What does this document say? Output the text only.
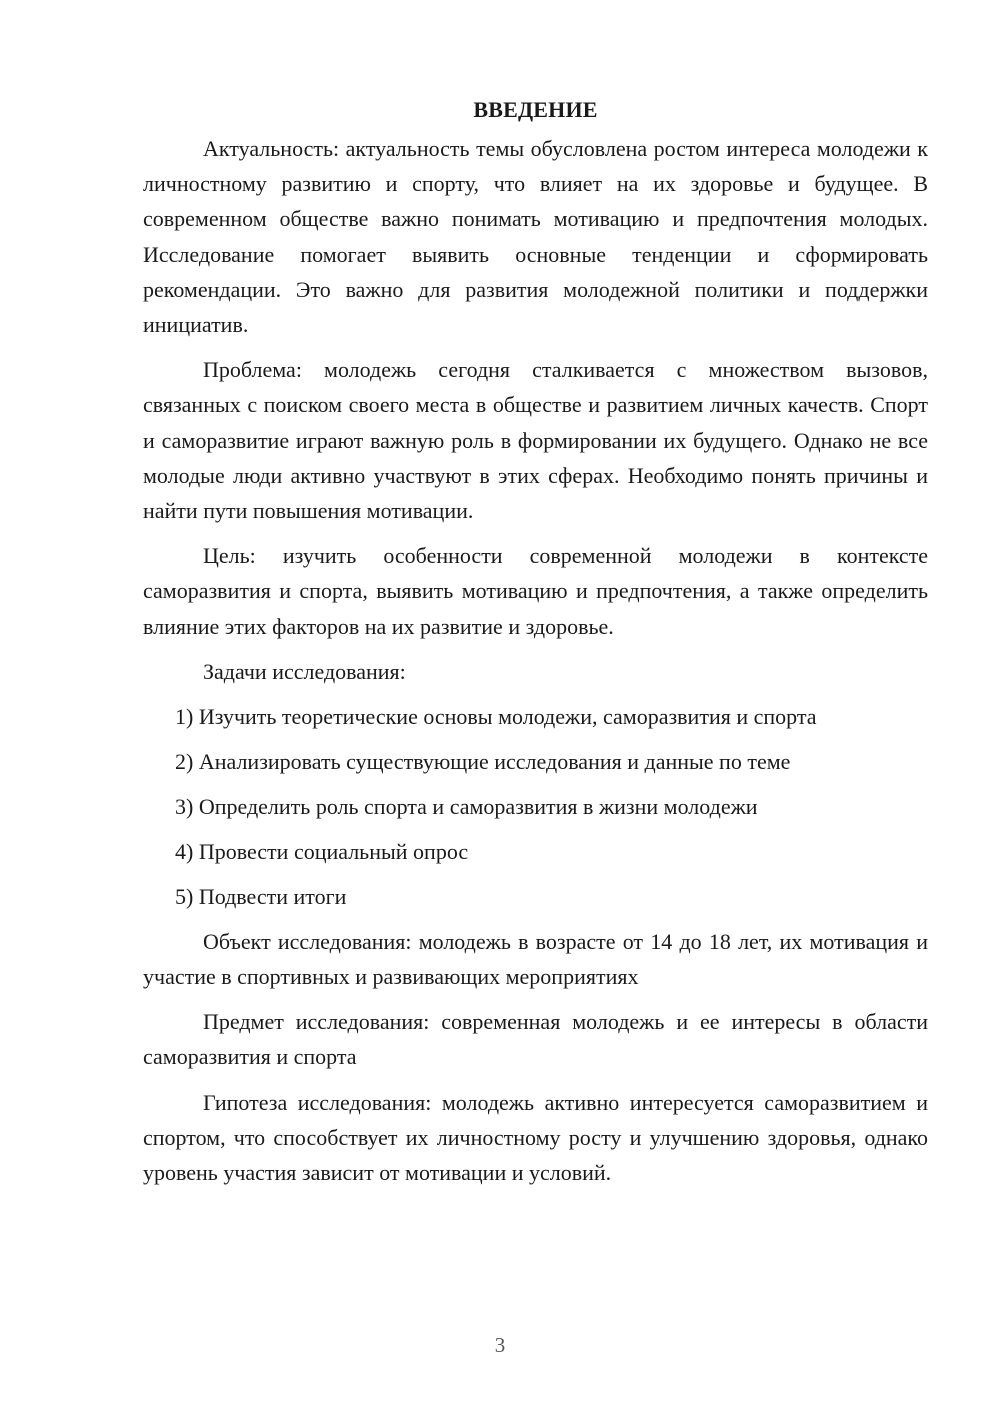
ВВЕДЕНИЕ

Актуальность: актуальность темы обусловлена ростом интереса молодежи к личностному развитию и спорту, что влияет на их здоровье и будущее. В современном обществе важно понимать мотивацию и предпочтения молодых. Исследование помогает выявить основные тенденции и сформировать рекомендации. Это важно для развития молодежной политики и поддержки инициатив.

Проблема: молодежь сегодня сталкивается с множеством вызовов, связанных с поиском своего места в обществе и развитием личных качеств. Спорт и саморазвитие играют важную роль в формировании их будущего. Однако не все молодые люди активно участвуют в этих сферах. Необходимо понять причины и найти пути повышения мотивации.

Цель: изучить особенности современной молодежи в контексте саморазвития и спорта, выявить мотивацию и предпочтения, а также определить влияние этих факторов на их развитие и здоровье.

Задачи исследования:
1) Изучить теоретические основы молодежи, саморазвития и спорта
2) Анализировать существующие исследования и данные по теме
3) Определить роль спорта и саморазвития в жизни молодежи
4) Провести социальный опрос
5) Подвести итоги

Объект исследования: молодежь в возрасте от 14 до 18 лет, их мотивация и участие в спортивных и развивающих мероприятиях

Предмет исследования: современная молодежь и ее интересы в области саморазвития и спорта

Гипотеза исследования: молодежь активно интересуется саморазвитием и спортом, что способствует их личностному росту и улучшению здоровья, однако уровень участия зависит от мотивации и условий.

3
